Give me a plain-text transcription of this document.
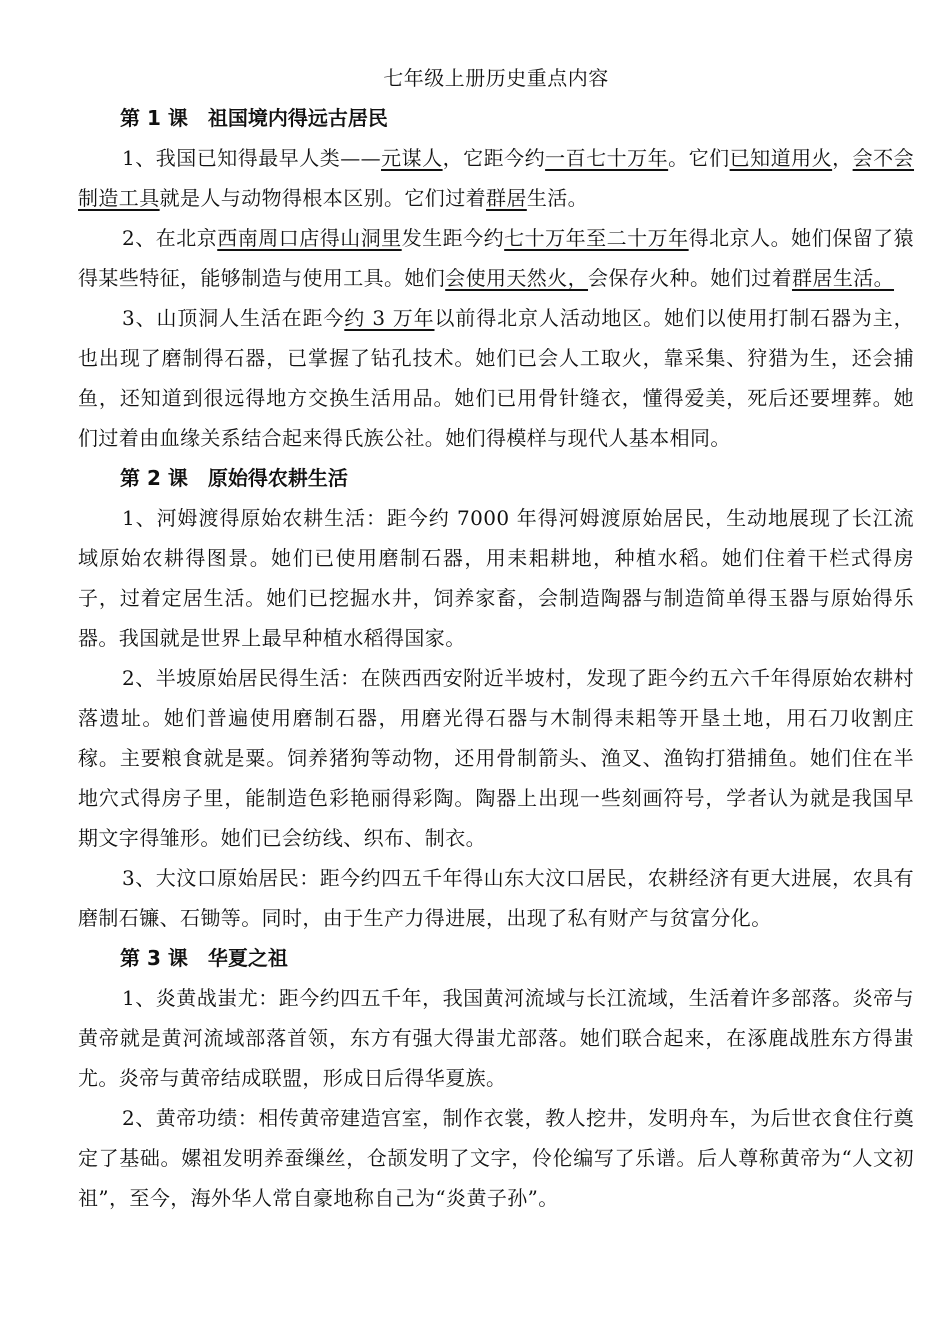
七年级上册历史重点内容
第 1 课　祖国境内得远古居民

1、我国已知得最早人类——元谋人，它距今约一百七十万年。它们已知道用火，会不会制造工具就是人与动物得根本区别。它们过着群居生活。

2、在北京西南周口店得山洞里发生距今约七十万年至二十万年得北京人。她们保留了猿得某些特征，能够制造与使用工具。她们会使用天然火，会保存火种。她们过着群居生活。

3、山顶洞人生活在距今约 3 万年以前得北京人活动地区。她们以使用打制石器为主，也出现了磨制得石器，已掌握了钻孔技术。她们已会人工取火，靠采集、狩猎为生，还会捕鱼，还知道到很远得地方交换生活用品。她们已用骨针缝衣，懂得爱美，死后还要埋葬。她们过着由血缘关系结合起来得氏族公社。她们得模样与现代人基本相同。

第 2 课　原始得农耕生活

1、河姆渡得原始农耕生活：距今约 7000 年得河姆渡原始居民，生动地展现了长江流域原始农耕得图景。她们已使用磨制石器，用耒耜耕地，种植水稻。她们住着干栏式得房子，过着定居生活。她们已挖掘水井，饲养家畜，会制造陶器与制造简单得玉器与原始得乐器。我国就是世界上最早种植水稻得国家。

2、半坡原始居民得生活：在陕西西安附近半坡村，发现了距今约五六千年得原始农耕村落遗址。她们普遍使用磨制石器，用磨光得石器与木制得耒耜等开垦土地，用石刀收割庄稼。主要粮食就是粟。饲养猪狗等动物，还用骨制箭头、渔叉、渔钩打猎捕鱼。她们住在半地穴式得房子里，能制造色彩艳丽得彩陶。陶器上出现一些刻画符号，学者认为就是我国早期文字得雏形。她们已会纺线、织布、制衣。

3、大汶口原始居民：距今约四五千年得山东大汶口居民，农耕经济有更大进展，农具有磨制石镰、石锄等。同时，由于生产力得进展，出现了私有财产与贫富分化。

第 3 课　华夏之祖

1、炎黄战蚩尤：距今约四五千年，我国黄河流域与长江流域，生活着许多部落。炎帝与黄帝就是黄河流域部落首领，东方有强大得蚩尤部落。她们联合起来，在涿鹿战胜东方得蚩尤。炎帝与黄帝结成联盟，形成日后得华夏族。

2、黄帝功绩：相传黄帝建造宫室，制作衣裳，教人挖井，发明舟车，为后世衣食住行奠定了基础。嫘祖发明养蚕缫丝，仓颉发明了文字，伶伦编写了乐谱。后人尊称黄帝为“人文初祖”，至今，海外华人常自豪地称自己为“炎黄子孙”。
